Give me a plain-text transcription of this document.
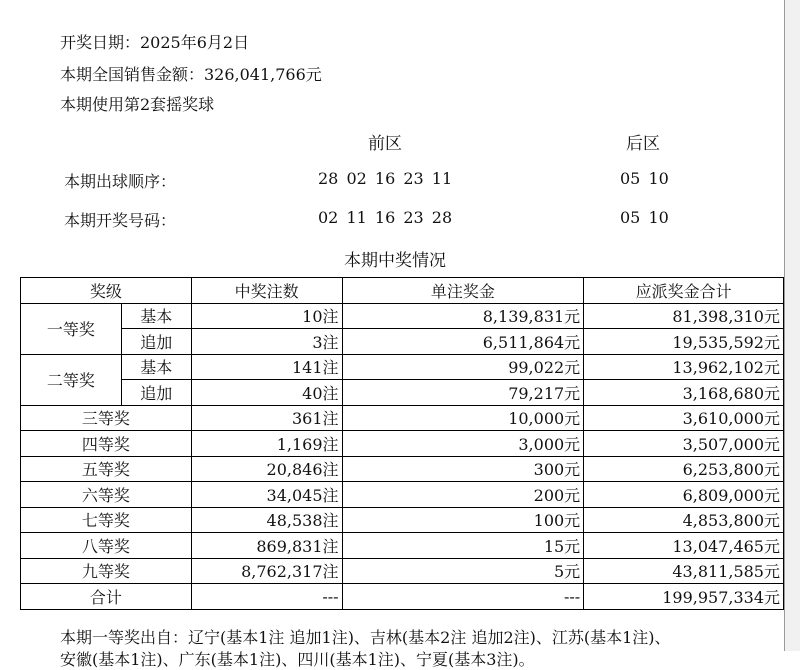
开奖日期：2025年6月2日
本期全国销售金额：326,041,766元
本期使用第2套摇奖球
前区	后区
本期出球顺序：	28 02 16 23 11	05 10
本期开奖号码：	02 11 16 23 28	05 10
本期中奖情况
奖级		中奖注数	单注奖金	应派奖金合计
一等奖	基本	10注	8,139,831元	81,398,310元
	追加	3注	6,511,864元	19,535,592元
二等奖	基本	141注	99,022元	13,962,102元
	追加	40注	79,217元	3,168,680元
三等奖		361注	10,000元	3,610,000元
四等奖		1,169注	3,000元	3,507,000元
五等奖		20,846注	300元	6,253,800元
六等奖		34,045注	200元	6,809,000元
七等奖		48,538注	100元	4,853,800元
八等奖		869,831注	15元	13,047,465元
九等奖		8,762,317注	5元	43,811,585元
合计		---	---	199,957,334元
本期一等奖出自：辽宁(基本1注 追加1注)、吉林(基本2注 追加2注)、江苏(基本1注)、
安徽(基本1注)、广东(基本1注)、四川(基本1注)、宁夏(基本3注)。
